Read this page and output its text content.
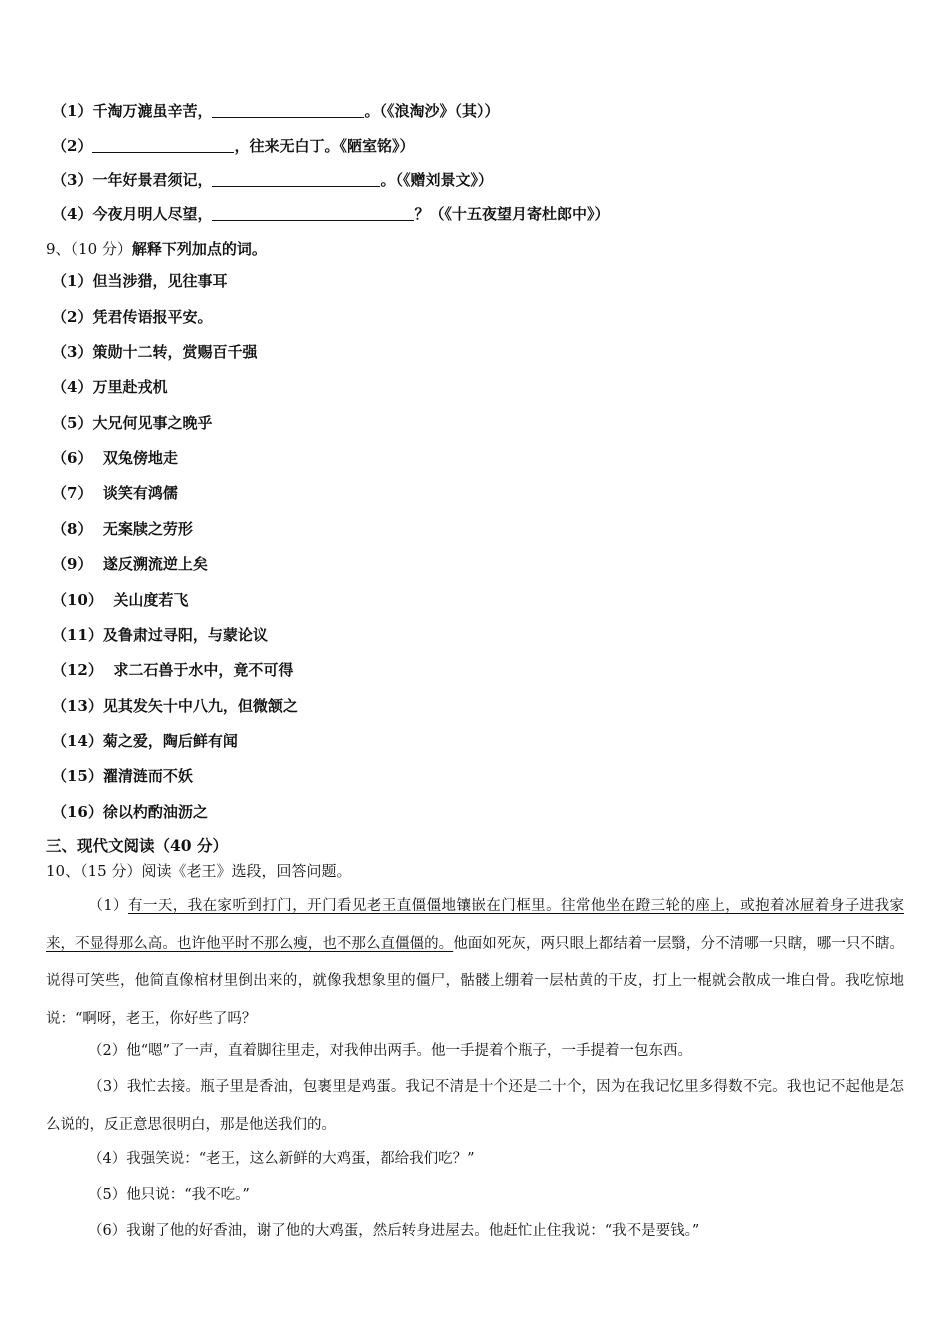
（1）千淘万漉虽辛苦，	。（《浪淘沙》（其））
（2）	，往来无白丁。《陋室铭》）
（3）一年好景君须记，	。（《赠刘景文》）
（4）今夜月明人尽望，	？（《十五夜望月寄杜郎中》）
9、（10 分）解释下列加点的词。
（1）但当涉猎，见往事耳
（2）凭君传语报平安。
（3）策勋十二转，赏赐百千强
（4）万里赴戎机
（5）大兄何见事之晚乎
（6） 双兔傍地走
（7） 谈笑有鸿儒
（8） 无案牍之劳形
（9） 遂反溯流逆上矣
（10） 关山度若飞
（11）及鲁肃过寻阳，与蒙论议
（12） 求二石兽于水中，竟不可得
（13）见其发矢十中八九，但微颔之
（14）菊之爱，陶后鲜有闻
（15）濯清涟而不妖
（16）徐以杓酌油沥之
三、现代文阅读（40 分）
10、（15 分）阅读《老王》选段，回答问题。
（1）有一天，我在家听到打门，开门看见老王直僵僵地镶嵌在门框里。往常他坐在蹬三轮的座上，或抱着冰屉着身子进我家来，不显得那么高。也许他平时不那么瘦，也不那么直僵僵的。他面如死灰，两只眼上都结着一层翳，分不清哪一只瞎，哪一只不瞎。说得可笑些，他简直像棺材里倒出来的，就像我想象里的僵尸，骷髅上绷着一层枯黄的干皮，打上一棍就会散成一堆白骨。我吃惊地说：“啊呀，老王，你好些了吗？
（2）他“嗯”了一声，直着脚往里走，对我伸出两手。他一手提着个瓶子，一手提着一包东西。
（3）我忙去接。瓶子里是香油，包裹里是鸡蛋。我记不清是十个还是二十个，因为在我记忆里多得数不完。我也记不起他是怎么说的，反正意思很明白，那是他送我们的。
（4）我强笑说：“老王，这么新鲜的大鸡蛋，都给我们吃？”
（5）他只说：“我不吃。”
（6）我谢了他的好香油，谢了他的大鸡蛋，然后转身进屋去。他赶忙止住我说：“我不是要钱。”
